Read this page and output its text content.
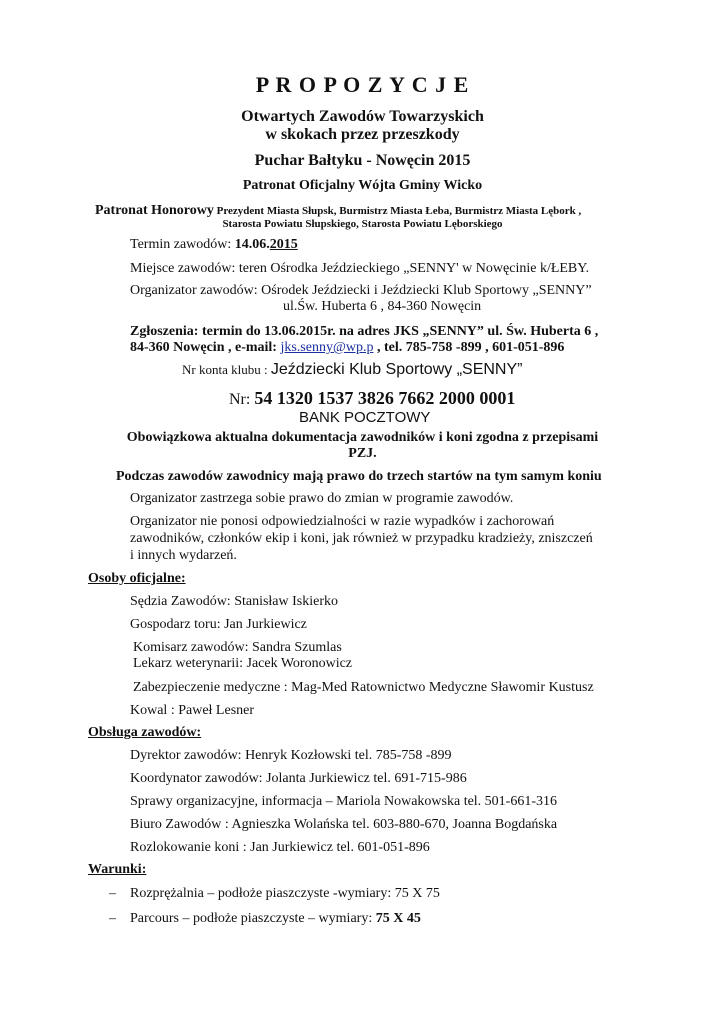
P R O P O Z Y C J E
Otwartych Zawodów Towarzyskich
w skokach przez przeszkody
Puchar Bałtyku - Nowęcin 2015
Patronat Oficjalny Wójta Gminy Wicko
Patronat Honorowy Prezydent Miasta Słupsk, Burmistrz Miasta Łeba, Burmistrz Miasta Lębork ,
Starosta Powiatu Słupskiego, Starosta Powiatu Lęborskiego
Termin zawodów: 14.06.2015
Miejsce zawodów: teren Ośrodka Jeździeckiego „SENNY' w Nowęcinie k/ŁEBY.
Organizator zawodów: Ośrodek Jeździecki i Jeździecki Klub Sportowy „SENNY”
ul.Św. Huberta 6 , 84-360 Nowęcin
Zgłoszenia: termin do 13.06.2015r. na adres JKS „SENNY” ul. Św. Huberta 6 ,
84-360 Nowęcin , e-mail: jks.senny@wp.p , tel. 785-758 -899 , 601-051-896
Nr konta klubu : Jeździecki Klub Sportowy „SENNY”
Nr: 54 1320 1537 3826 7662 2000 0001
BANK POCZTOWY
Obowiązkowa aktualna dokumentacja zawodników i koni zgodna z przepisami
PZJ.
Podczas zawodów zawodnicy mają prawo do trzech startów na tym samym koniu
Organizator zastrzega sobie prawo do zmian w programie zawodów.
Organizator nie ponosi odpowiedzialności w razie wypadków i zachorowań
zawodników, członków ekip i koni, jak również w przypadku kradzieży, zniszczeń
i innych wydarzeń.
Osoby oficjalne:
Sędzia Zawodów: Stanisław Iskierko
Gospodarz toru: Jan Jurkiewicz
Komisarz zawodów: Sandra Szumlas
Lekarz weterynarii: Jacek Woronowicz
Zabezpieczenie medyczne : Mag-Med Ratownictwo Medyczne Sławomir Kustusz
Kowal : Paweł Lesner
Obsługa zawodów:
Dyrektor zawodów: Henryk Kozłowski tel. 785-758 -899
Koordynator zawodów: Jolanta Jurkiewicz tel. 691-715-986
Sprawy organizacyjne, informacja – Mariola Nowakowska tel. 501-661-316
Biuro Zawodów : Agnieszka Wolańska tel. 603-880-670, Joanna Bogdańska
Rozlokowanie koni : Jan Jurkiewicz tel. 601-051-896
Warunki:
– Rozprężalnia – podłoże piaszczyste -wymiary: 75 X 75
– Parcours – podłoże piaszczyste – wymiary: 75 X 45
